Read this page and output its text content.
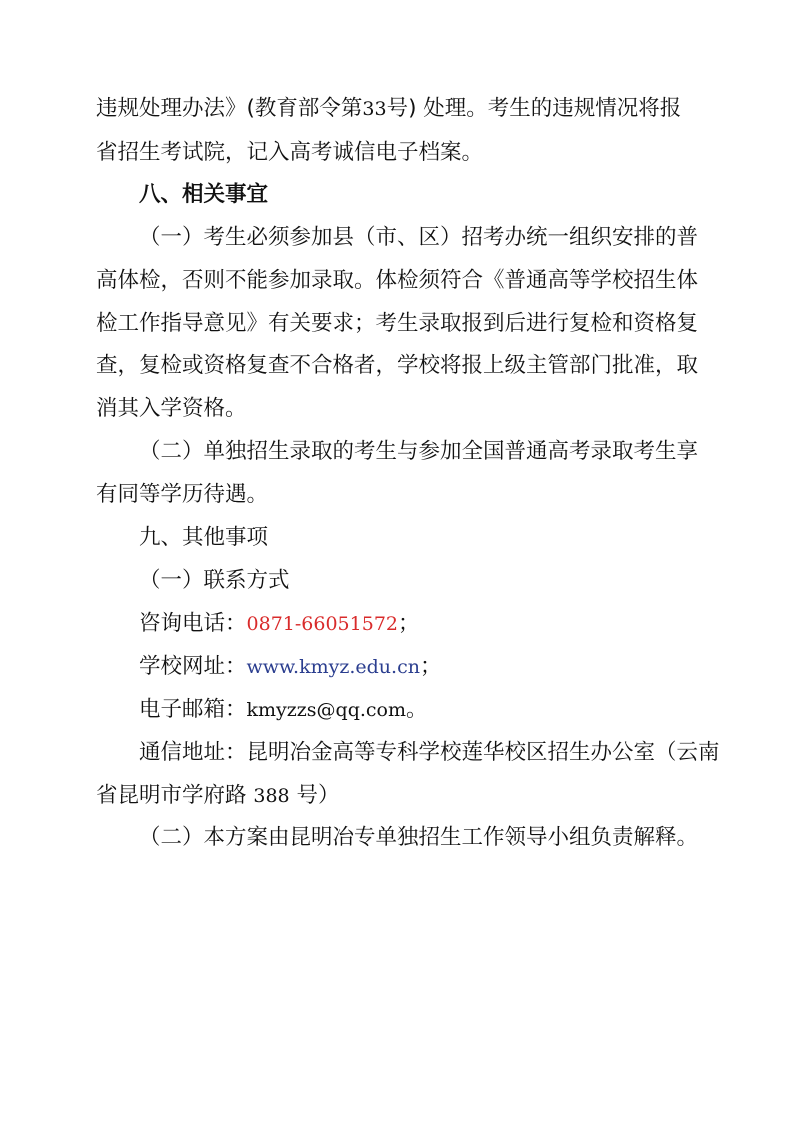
违规处理办法》(教育部令第33号) 处理。考生的违规情况将报
省招生考试院，记入高考诚信电子档案。
八、相关事宜
（一）考生必须参加县（市、区）招考办统一组织安排的普
高体检，否则不能参加录取。体检须符合《普通高等学校招生体
检工作指导意见》有关要求；考生录取报到后进行复检和资格复
查，复检或资格复查不合格者，学校将报上级主管部门批准，取
消其入学资格。
（二）单独招生录取的考生与参加全国普通高考录取考生享
有同等学历待遇。
九、其他事项
（一）联系方式
咨询电话：0871-66051572；
学校网址：www.kmyz.edu.cn；
电子邮箱：kmyzzs@qq.com。
通信地址：昆明冶金高等专科学校莲华校区招生办公室（云南
省昆明市学府路 388 号）
（二）本方案由昆明冶专单独招生工作领导小组负责解释。
